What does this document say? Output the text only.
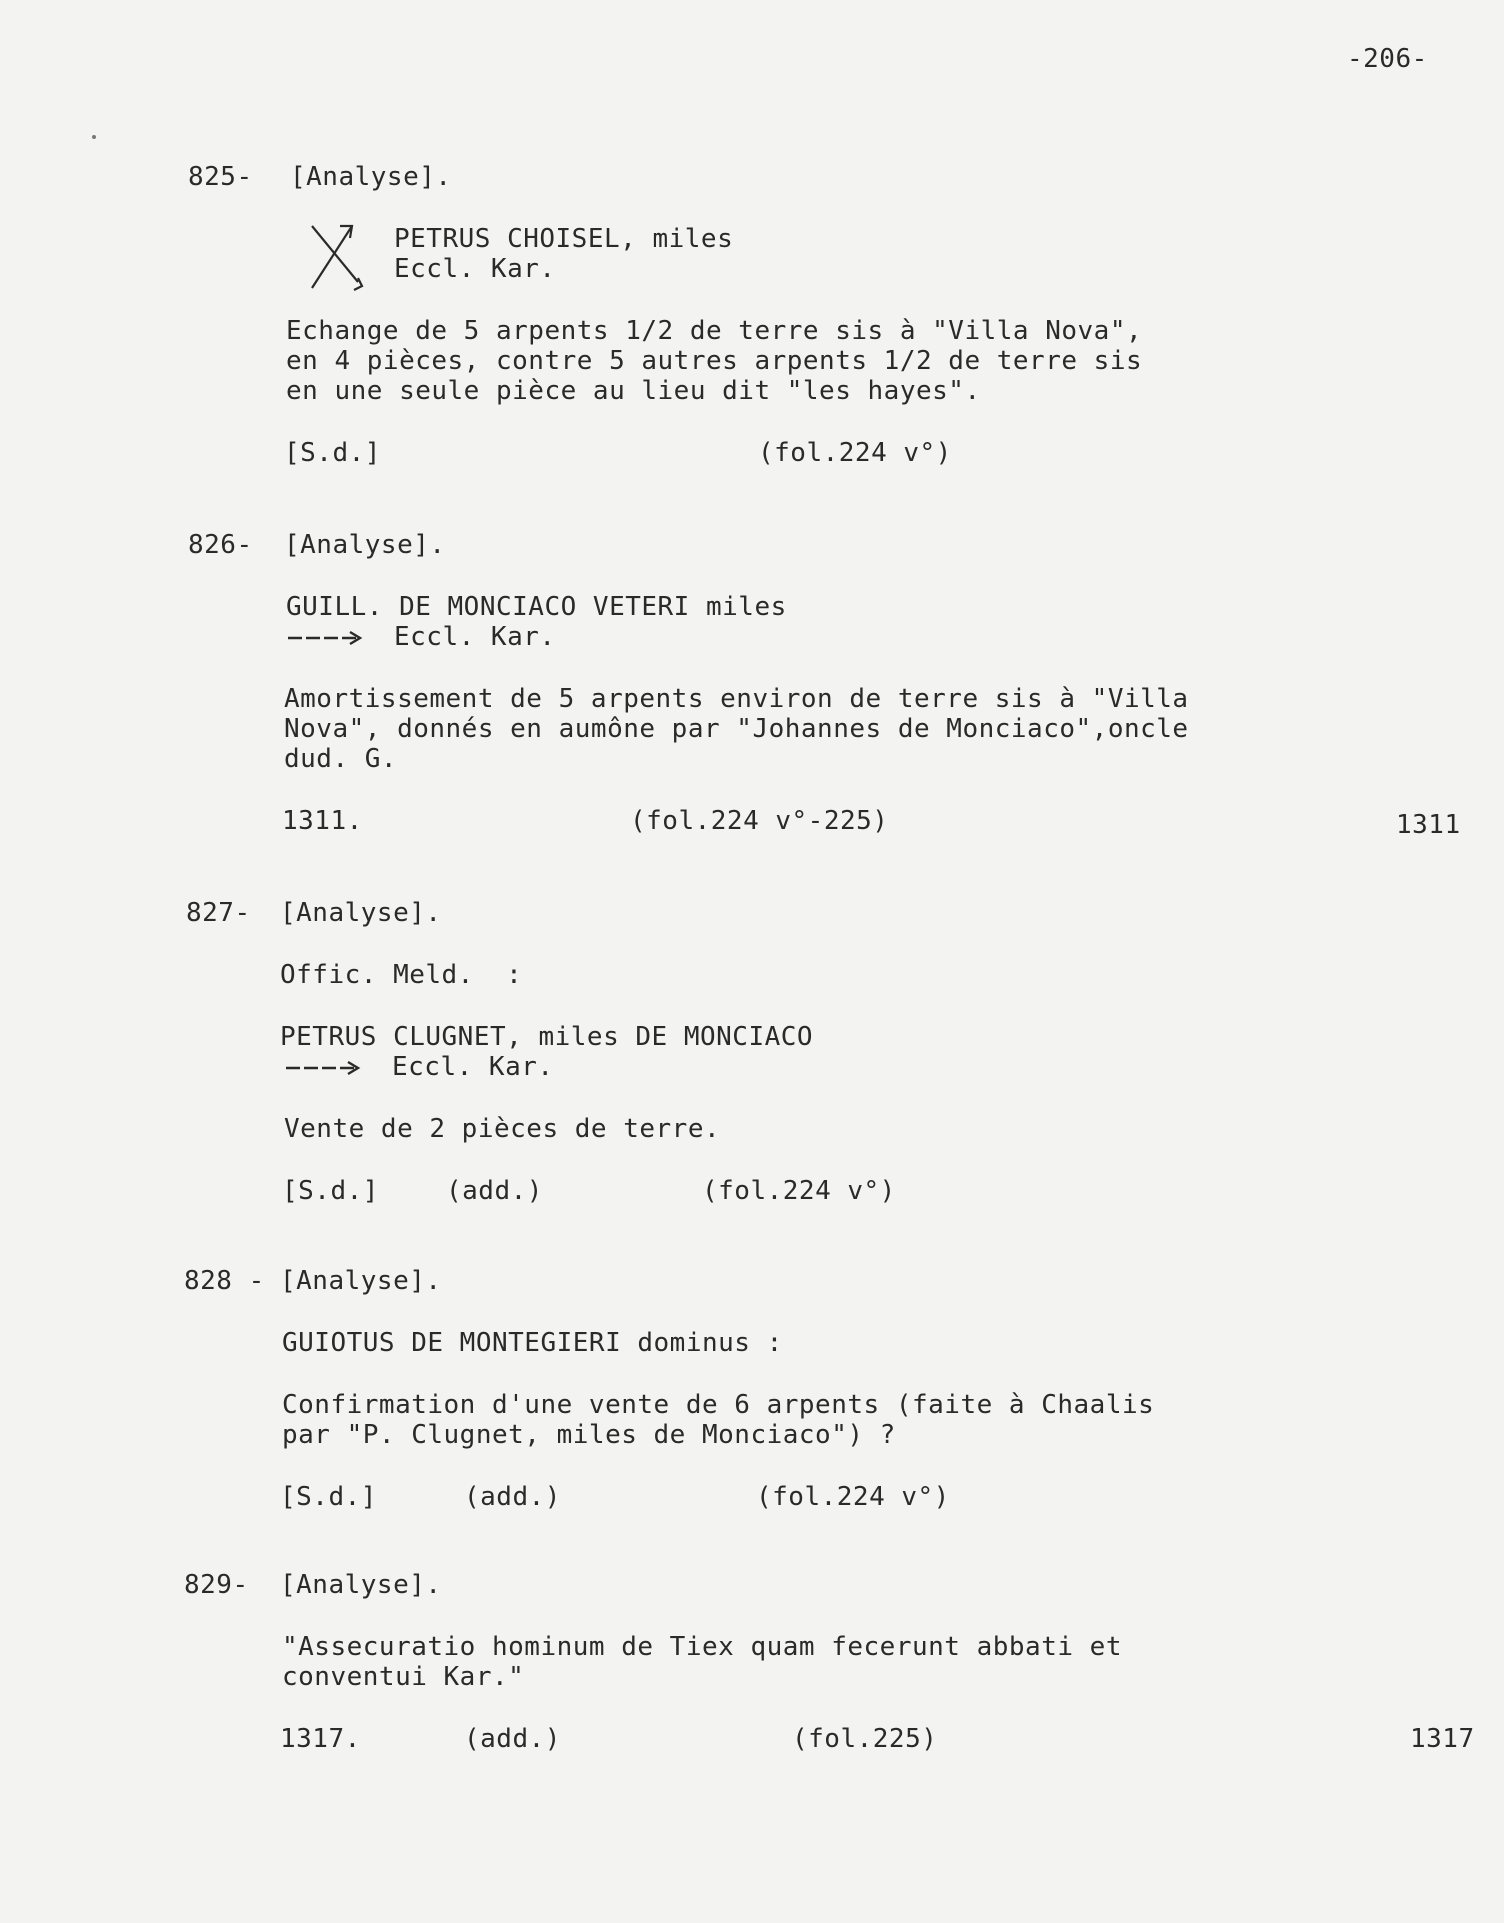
-206-
825- [Analyse].
PETRUS CHOISEL, miles
Eccl. Kar.
Echange de 5 arpents 1/2 de terre sis à "Villa Nova",
en 4 pièces, contre 5 autres arpents 1/2 de terre sis
en une seule pièce au lieu dit "les hayes".
[S.d.]	(fol.224 v°)
826- [Analyse].
GUILL. DE MONCIACO VETERI miles
Eccl. Kar.
Amortissement de 5 arpents environ de terre sis à "Villa
Nova", donnés en aumône par "Johannes de Monciaco",oncle
dud. G.
1311.	(fol.224 v°-225)	1311
827- [Analyse].
Offic. Meld.  :
PETRUS CLUGNET, miles DE MONCIACO
Eccl. Kar.
Vente de 2 pièces de terre.
[S.d.]	(add.)	(fol.224 v°)
828 - [Analyse].
GUIOTUS DE MONTEGIERI dominus :
Confirmation d'une vente de 6 arpents (faite à Chaalis
par "P. Clugnet, miles de Monciaco") ?
[S.d.]	(add.)	(fol.224 v°)
829- [Analyse].
"Assecuratio hominum de Tiex quam fecerunt abbati et
conventui Kar."
1317.	(add.)	(fol.225)	1317
